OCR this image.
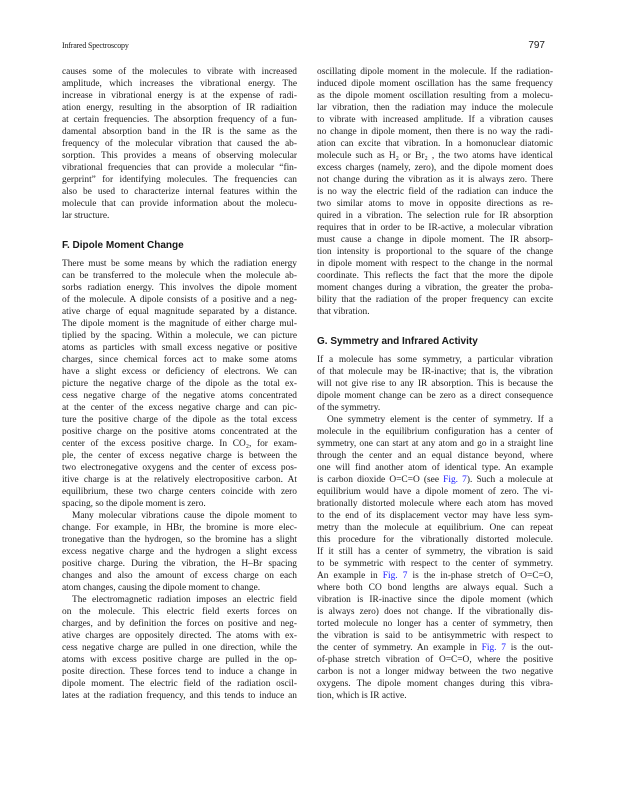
Infrared Spectroscopy	797
causes some of the molecules to vibrate with increased
amplitude, which increases the vibrational energy. The
increase in vibrational energy is at the expense of radi-
ation energy, resulting in the absorption of IR radiaition
at certain frequencies. The absorption frequency of a fun-
damental absorption band in the IR is the same as the
frequency of the molecular vibration that caused the ab-
sorption. This provides a means of observing molecular
vibrational frequencies that can provide a molecular “fin-
gerprint” for identifying molecules. The frequencies can
also be used to characterize internal features within the
molecule that can provide information about the molecu-
lar structure.
F. Dipole Moment Change
There must be some means by which the radiation energy
can be transferred to the molecule when the molecule ab-
sorbs radiation energy. This involves the dipole moment
of the molecule. A dipole consists of a positive and a neg-
ative charge of equal magnitude separated by a distance.
The dipole moment is the magnitude of either charge mul-
tiplied by the spacing. Within a molecule, we can picture
atoms as particles with small excess negative or positive
charges, since chemical forces act to make some atoms
have a slight excess or deficiency of electrons. We can
picture the negative charge of the dipole as the total ex-
cess negative charge of the negative atoms concentrated
at the center of the excess negative charge and can pic-
ture the positive charge of the dipole as the total excess
positive charge on the positive atoms concentrated at the
center of the excess positive charge. In CO₂, for exam-
ple, the center of excess negative charge is between the
two electronegative oxygens and the center of excess pos-
itive charge is at the relatively electropositive carbon. At
equilibrium, these two charge centers coincide with zero
spacing, so the dipole moment is zero.
Many molecular vibrations cause the dipole moment to
change. For example, in HBr, the bromine is more elec-
tronegative than the hydrogen, so the bromine has a slight
excess negative charge and the hydrogen a slight excess
positive charge. During the vibration, the H–Br spacing
changes and also the amount of excess charge on each
atom changes, causing the dipole moment to change.
The electromagnetic radiation imposes an electric field
on the molecule. This electric field exerts forces on
charges, and by definition the forces on positive and neg-
ative charges are oppositely directed. The atoms with ex-
cess negative charge are pulled in one direction, while the
atoms with excess positive charge are pulled in the op-
posite direction. These forces tend to induce a change in
dipole moment. The electric field of the radiation oscil-
lates at the radiation frequency, and this tends to induce an
oscillating dipole moment in the molecule. If the radiation-
induced dipole moment oscillation has the same frequency
as the dipole moment oscillation resulting from a molecu-
lar vibration, then the radiation may induce the molecule
to vibrate with increased amplitude. If a vibration causes
no change in dipole moment, then there is no way the radi-
ation can excite that vibration. In a homonuclear diatomic
molecule such as H₂ or Br₂ , the two atoms have identical
excess charges (namely, zero), and the dipole moment does
not change during the vibration as it is always zero. There
is no way the electric field of the radiation can induce the
two similar atoms to move in opposite directions as re-
quired in a vibration. The selection rule for IR absorption
requires that in order to be IR-active, a molecular vibration
must cause a change in dipole moment. The IR absorp-
tion intensity is proportional to the square of the change
in dipole moment with respect to the change in the normal
coordinate. This reflects the fact that the more the dipole
moment changes during a vibration, the greater the proba-
bility that the radiation of the proper frequency can excite
that vibration.
G. Symmetry and Infrared Activity
If a molecule has some symmetry, a particular vibration
of that molecule may be IR-inactive; that is, the vibration
will not give rise to any IR absorption. This is because the
dipole moment change can be zero as a direct consequence
of the symmetry.
One symmetry element is the center of symmetry. If a
molecule in the equilibrium configuration has a center of
symmetry, one can start at any atom and go in a straight line
through the center and an equal distance beyond, where
one will find another atom of identical type. An example
is carbon dioxide O=C=O (see Fig. 7). Such a molecule at
equilibrium would have a dipole moment of zero. The vi-
brationally distorted molecule where each atom has moved
to the end of its displacement vector may have less sym-
metry than the molecule at equilibrium. One can repeat
this procedure for the vibrationally distorted molecule.
If it still has a center of symmetry, the vibration is said
to be symmetric with respect to the center of symmetry.
An example in Fig. 7 is the in-phase stretch of O=C=O,
where both CO bond lengths are always equal. Such a
vibration is IR-inactive since the dipole moment (which
is always zero) does not change. If the vibrationally dis-
torted molecule no longer has a center of symmetry, then
the vibration is said to be antisymmetric with respect to
the center of symmetry. An example in Fig. 7 is the out-
of-phase stretch vibration of O=C=O, where the positive
carbon is not a longer midway between the two negative
oxygens. The dipole moment changes during this vibra-
tion, which is IR active.
